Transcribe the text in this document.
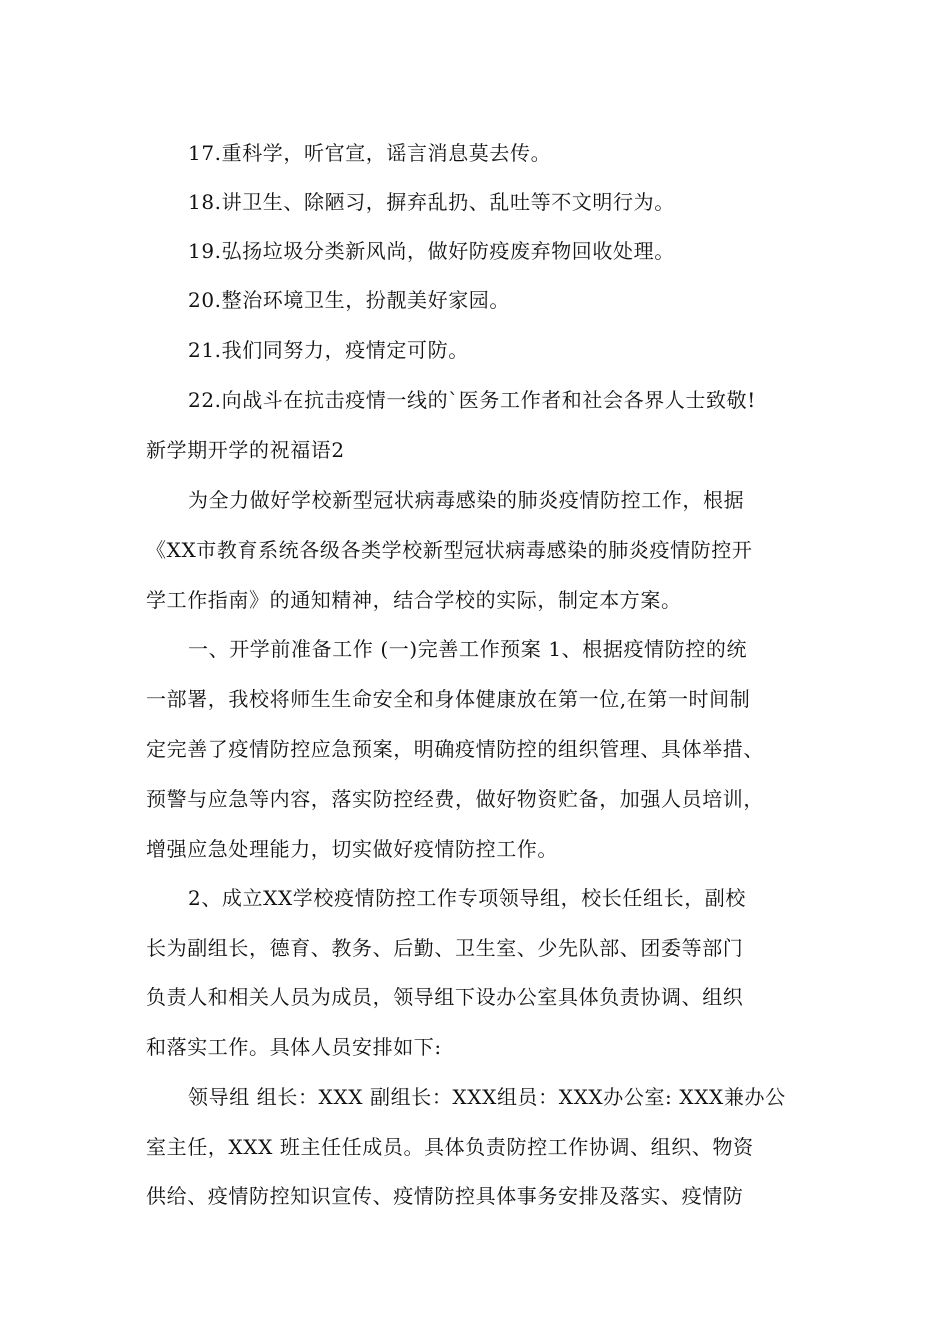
17.重科学，听官宣，谣言消息莫去传。
18.讲卫生、除陋习，摒弃乱扔、乱吐等不文明行为。
19.弘扬垃圾分类新风尚，做好防疫废弃物回收处理。
20.整治环境卫生，扮靓美好家园。
21.我们同努力，疫情定可防。
22.向战斗在抗击疫情一线的`医务工作者和社会各界人士致敬!
新学期开学的祝福语2
为全力做好学校新型冠状病毒感染的肺炎疫情防控工作，根据
《XX市教育系统各级各类学校新型冠状病毒感染的肺炎疫情防控开
学工作指南》的通知精神，结合学校的实际，制定本方案。
一、开学前准备工作 (一)完善工作预案 1、根据疫情防控的统
一部署，我校将师生生命安全和身体健康放在第一位,在第一时间制
定完善了疫情防控应急预案，明确疫情防控的组织管理、具体举措、
预警与应急等内容，落实防控经费，做好物资贮备，加强人员培训，
增强应急处理能力，切实做好疫情防控工作。
2、成立XX学校疫情防控工作专项领导组，校长任组长，副校
长为副组长，德育、教务、后勤、卫生室、少先队部、团委等部门
负责人和相关人员为成员，领导组下设办公室具体负责协调、组织
和落实工作。具体人员安排如下:
领导组 组长：XXX 副组长：XXX组员：XXX办公室: XXX兼办公
室主任，XXX 班主任任成员。具体负责防控工作协调、组织、物资
供给、疫情防控知识宣传、疫情防控具体事务安排及落实、疫情防
